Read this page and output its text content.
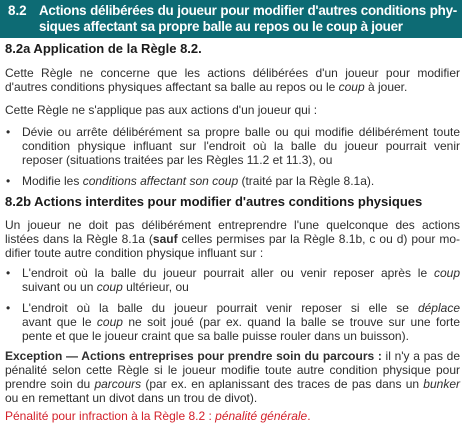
8.2 Actions délibérées du joueur pour modifier d'autres conditions phy-
siques affectant sa propre balle au repos ou le coup à jouer
8.2a Application de la Règle 8.2.
Cette Règle ne concerne que les actions délibérées d'un joueur pour modifier
d'autres conditions physiques affectant sa balle au repos ou le coup à jouer.
Cette Règle ne s'applique pas aux actions d'un joueur qui :
• Dévie ou arrête délibérément sa propre balle ou qui modifie délibérément toute
condition physique influant sur l'endroit où la balle du joueur pourrait venir
reposer (situations traitées par les Règles 11.2 et 11.3), ou
• Modifie les conditions affectant son coup (traité par la Règle 8.1a).
8.2b Actions interdites pour modifier d'autres conditions physiques
Un joueur ne doit pas délibérément entreprendre l'une quelconque des actions
listées dans la Règle 8.1a (sauf celles permises par la Règle 8.1b, c ou d) pour mo-
difier toute autre condition physique influant sur :
• L'endroit où la balle du joueur pourrait aller ou venir reposer après le coup
suivant ou un coup ultérieur, ou
• L'endroit où la balle du joueur pourrait venir reposer si elle se déplace
avant que le coup ne soit joué (par ex. quand la balle se trouve sur une forte
pente et que le joueur craint que sa balle puisse rouler dans un buisson).
Exception — Actions entreprises pour prendre soin du parcours : il n'y a pas de
pénalité selon cette Règle si le joueur modifie toute autre condition physique pour
prendre soin du parcours (par ex. en aplanissant des traces de pas dans un bunker
ou en remettant un divot dans un trou de divot).
Pénalité pour infraction à la Règle 8.2 : pénalité générale.
